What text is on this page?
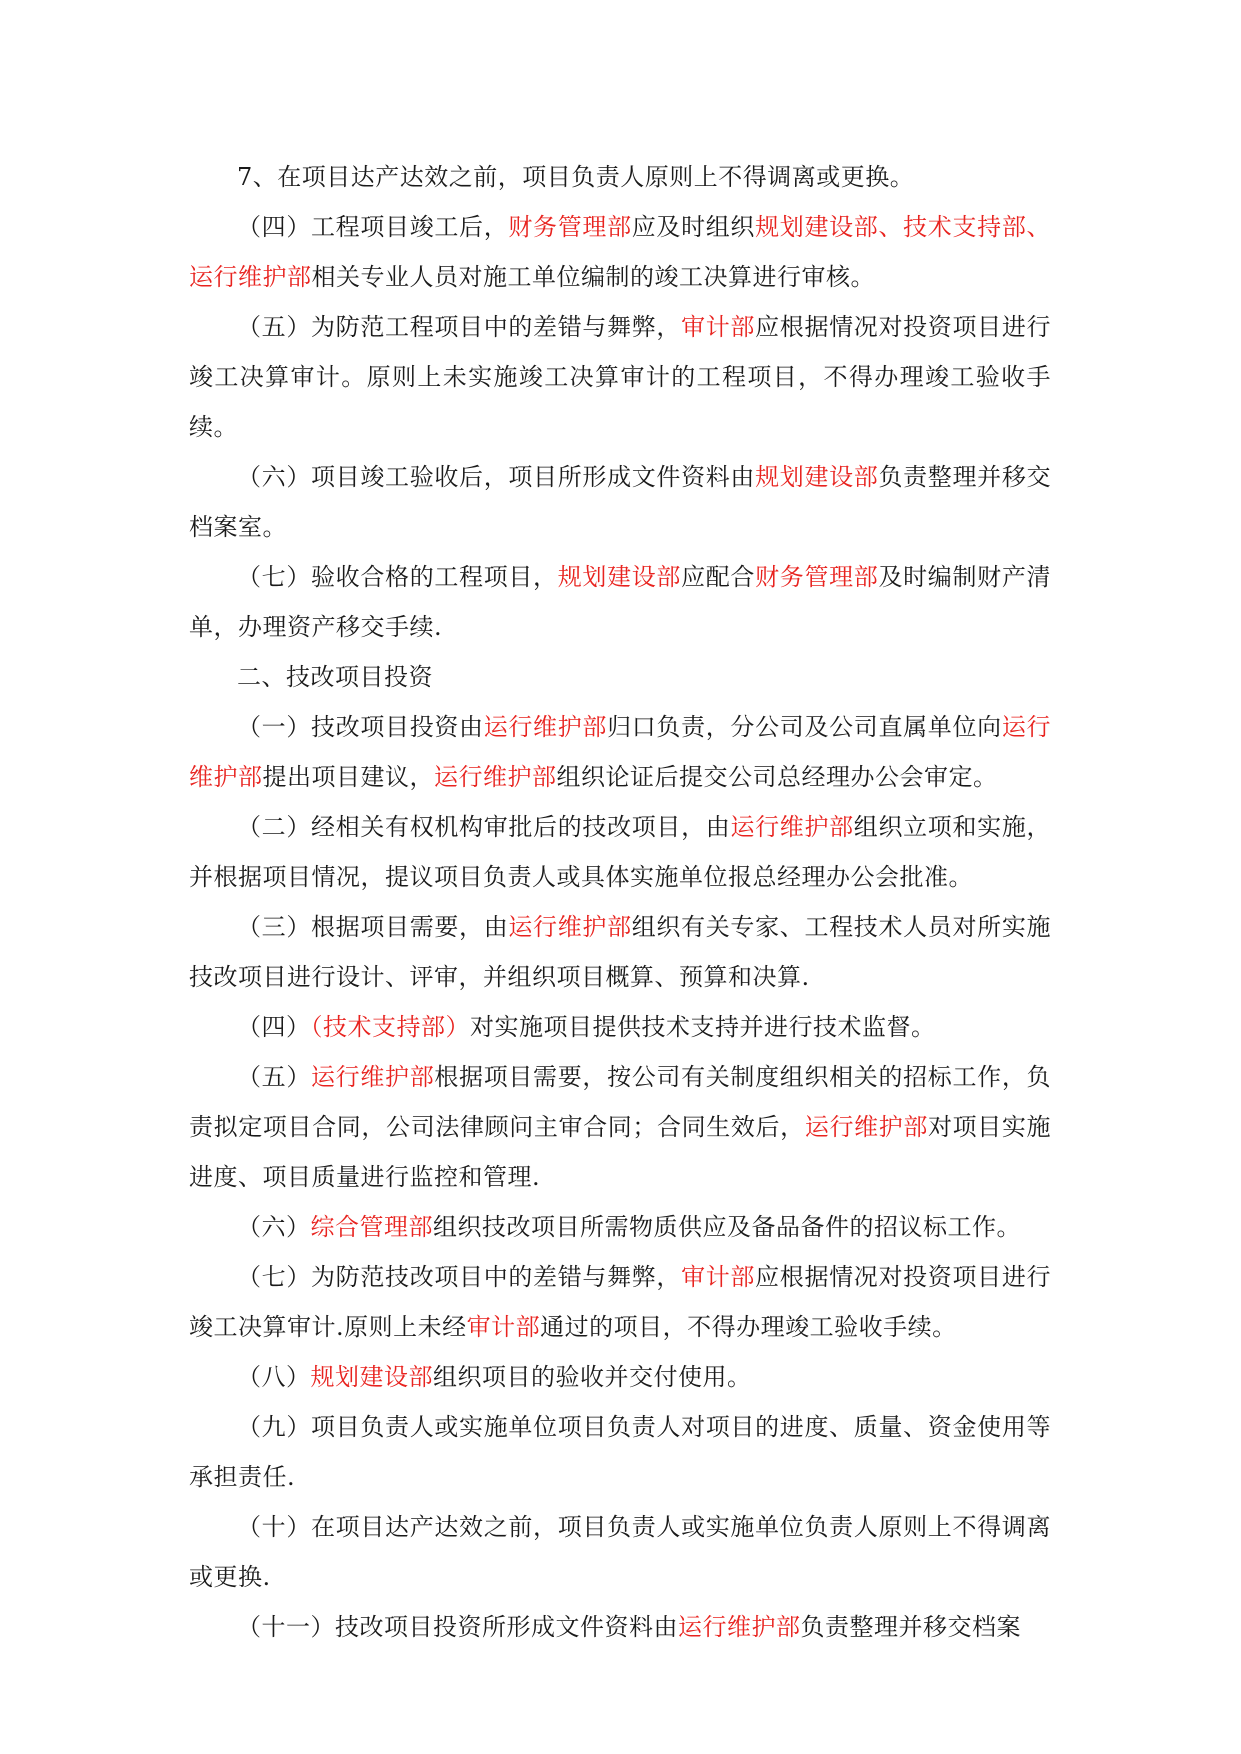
7、在项目达产达效之前，项目负责人原则上不得调离或更换。

（四）工程项目竣工后，财务管理部应及时组织规划建设部、技术支持部、运行维护部相关专业人员对施工单位编制的竣工决算进行审核。

（五）为防范工程项目中的差错与舞弊，审计部应根据情况对投资项目进行竣工决算审计。原则上未实施竣工决算审计的工程项目，不得办理竣工验收手续。

（六）项目竣工验收后，项目所形成文件资料由规划建设部负责整理并移交档案室。

（七）验收合格的工程项目，规划建设部应配合财务管理部及时编制财产清单，办理资产移交手续.

二、技改项目投资

（一）技改项目投资由运行维护部归口负责，分公司及公司直属单位向运行维护部提出项目建议，运行维护部组织论证后提交公司总经理办公会审定。

（二）经相关有权机构审批后的技改项目，由运行维护部组织立项和实施，并根据项目情况，提议项目负责人或具体实施单位报总经理办公会批准。

（三）根据项目需要，由运行维护部组织有关专家、工程技术人员对所实施技改项目进行设计、评审，并组织项目概算、预算和决算.

（四）（技术支持部）对实施项目提供技术支持并进行技术监督。

（五）运行维护部根据项目需要，按公司有关制度组织相关的招标工作，负责拟定项目合同，公司法律顾问主审合同；合同生效后，运行维护部对项目实施进度、项目质量进行监控和管理.

（六）综合管理部组织技改项目所需物质供应及备品备件的招议标工作。

（七）为防范技改项目中的差错与舞弊，审计部应根据情况对投资项目进行竣工决算审计.原则上未经审计部通过的项目，不得办理竣工验收手续。

（八）规划建设部组织项目的验收并交付使用。

（九）项目负责人或实施单位项目负责人对项目的进度、质量、资金使用等承担责任.

（十）在项目达产达效之前，项目负责人或实施单位负责人原则上不得调离或更换.

（十一）技改项目投资所形成文件资料由运行维护部负责整理并移交档案
